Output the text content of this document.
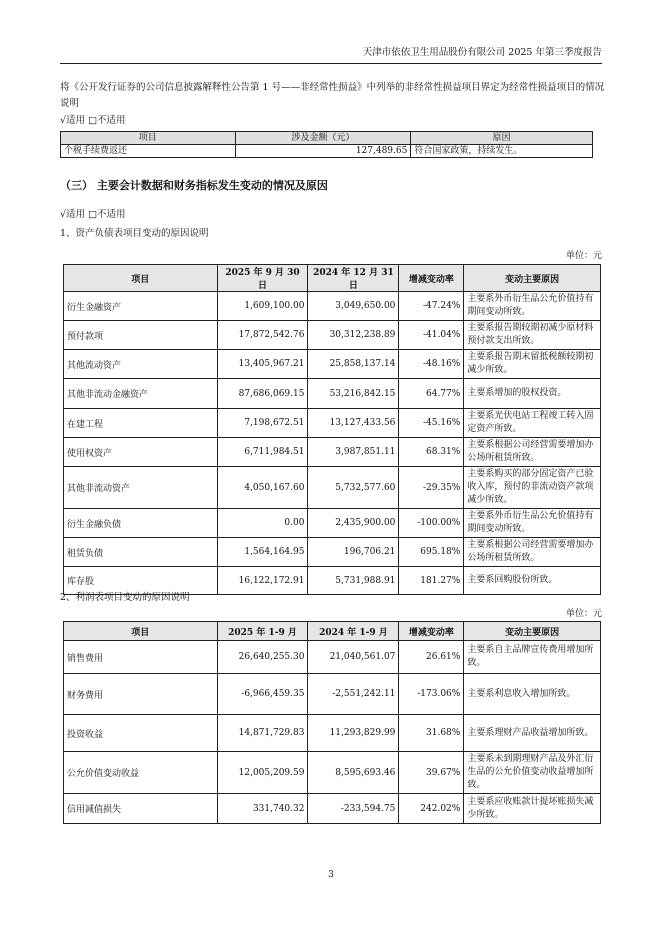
天津市依依卫生用品股份有限公司 2025 年第三季度报告
将《公开发行证券的公司信息披露解释性公告第 1 号——非经常性损益》中列举的非经常性损益项目界定为经常性损益项目的情况说明
√适用 □不适用
项目	涉及金额（元）	原因
个税手续费返还	127,489.65	符合国家政策，持续发生。
（三） 主要会计数据和财务指标发生变动的情况及原因
√适用 □不适用
1、资产负债表项目变动的原因说明
单位：元
项目	2025 年 9 月 30 日	2024 年 12 月 31 日	增减变动率	变动主要原因
衍生金融资产	1,609,100.00	3,049,650.00	-47.24%	主要系外币衍生品公允价值持有期间变动所致。
预付款项	17,872,542.76	30,312,238.89	-41.04%	主要系报告期较期初减少原材料预付款支出所致。
其他流动资产	13,405,967.21	25,858,137.14	-48.16%	主要系报告期末留抵税额较期初减少所致。
其他非流动金融资产	87,686,069.15	53,216,842.15	64.77%	主要系增加的股权投资。
在建工程	7,198,672.51	13,127,433.56	-45.16%	主要系光伏电站工程竣工转入固定资产所致。
使用权资产	6,711,984.51	3,987,851.11	68.31%	主要系根据公司经营需要增加办公场所租赁所致。
其他非流动资产	4,050,167.60	5,732,577.60	-29.35%	主要系购买的部分固定资产已验收入库，预付的非流动资产款项减少所致。
衍生金融负债	0.00	2,435,900.00	-100.00%	主要系外币衍生品公允价值持有期间变动所致。
租赁负债	1,564,164.95	196,706.21	695.18%	主要系根据公司经营需要增加办公场所租赁所致。
库存股	16,122,172.91	5,731,988.91	181.27%	主要系回购股份所致。
2、利润表项目变动的原因说明
单位：元
项目	2025 年 1-9 月	2024 年 1-9 月	增减变动率	变动主要原因
销售费用	26,640,255.30	21,040,561.07	26.61%	主要系自主品牌宣传费用增加所致。
财务费用	-6,966,459.35	-2,551,242.11	-173.06%	主要系利息收入增加所致。
投资收益	14,871,729.83	11,293,829.99	31.68%	主要系理财产品收益增加所致。
公允价值变动收益	12,005,209.59	8,595,693.46	39.67%	主要系未到期理财产品及外汇衍生品的公允价值变动收益增加所致。
信用减值损失	331,740.32	-233,594.75	242.02%	主要系应收账款计提坏账损失减少所致。
3
